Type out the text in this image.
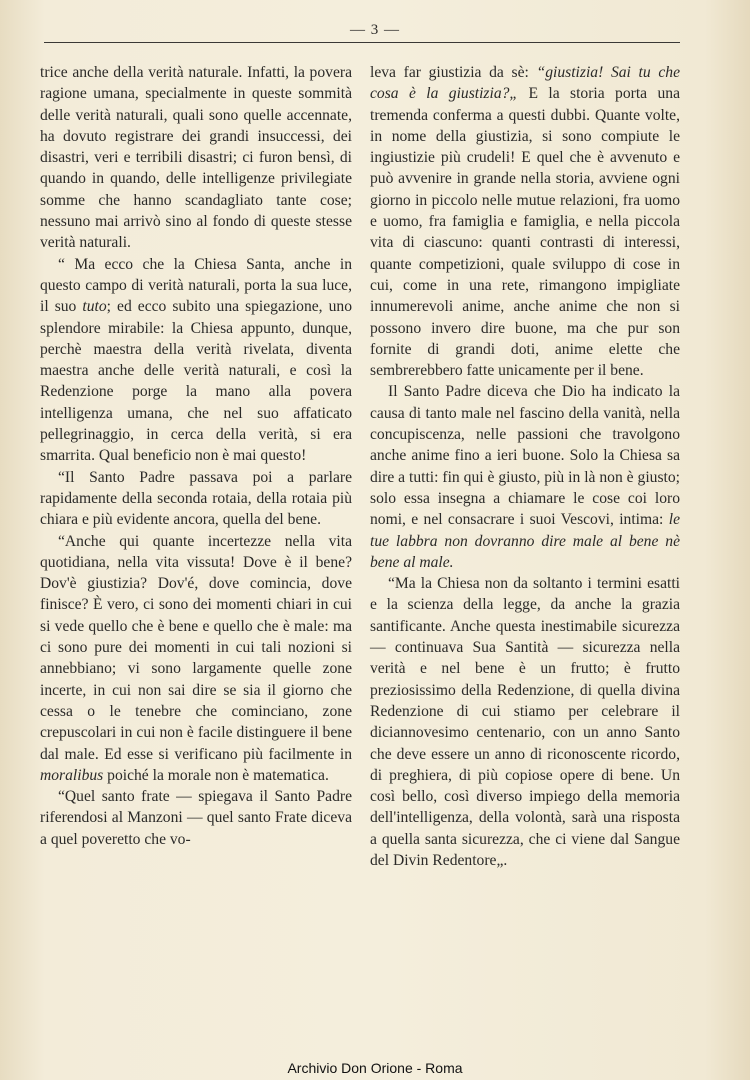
— 3 —

trice anche della verità naturale. Infatti, la povera ragione umana, specialmente in queste sommità delle verità naturali, quali sono quelle accennate, ha dovuto registrare dei grandi insuccessi, dei disastri, veri e terribili disastri; ci furon bensì, di quando in quando, delle intelligenze privilegiate somme che hanno scandagliato tante cose; nessuno mai arrivò sino al fondo di queste stesse verità naturali.

“ Ma ecco che la Chiesa Santa, anche in questo campo di verità naturali, porta la sua luce, il suo tuto; ed ecco subito una spiegazione, uno splendore mirabile: la Chiesa appunto, dunque, perchè maestra della verità rivelata, diventa maestra anche delle verità naturali, e così la Redenzione porge la mano alla povera intelligenza umana, che nel suo affaticato pellegrinaggio, in cerca della verità, si era smarrita. Qual beneficio non è mai questo!

“Il Santo Padre passava poi a parlare rapidamente della seconda rotaia, della rotaia più chiara e più evidente ancora, quella del bene.

“Anche qui quante incertezze nella vita quotidiana, nella vita vissuta! Dove è il bene? Dov'è giustizia? Dov'é, dove comincia, dove finisce? È vero, ci sono dei momenti chiari in cui si vede quello che è bene e quello che è male: ma ci sono pure dei momenti in cui tali nozioni si annebbiano; vi sono largamente quelle zone incerte, in cui non sai dire se sia il giorno che cessa o le tenebre che cominciano, zone crepuscolari in cui non è facile distinguere il bene dal male. Ed esse si verificano più facilmente in moralibus poiché la morale non è matematica.

“Quel santo frate — spiegava il Santo Padre riferendosi al Manzoni — quel santo Frate diceva a quel poveretto che vo-

leva far giustizia da sè: “giustizia! Sai tu che cosa è la giustizia?„ E la storia porta una tremenda conferma a questi dubbi. Quante volte, in nome della giustizia, si sono compiute le ingiustizie più crudeli! E quel che è avvenuto e può avvenire in grande nella storia, avviene ogni giorno in piccolo nelle mutue relazioni, fra uomo e uomo, fra famiglia e famiglia, e nella piccola vita di ciascuno: quanti contrasti di interessi, quante competizioni, quale sviluppo di cose in cui, come in una rete, rimangono impigliate innumerevoli anime, anche anime che non si possono invero dire buone, ma che pur son fornite di grandi doti, anime elette che sembrerebbero fatte unicamente per il bene.

Il Santo Padre diceva che Dio ha indicato la causa di tanto male nel fascino della vanità, nella concupiscenza, nelle passioni che travolgono anche anime fino a ieri buone. Solo la Chiesa sa dire a tutti: fin qui è giusto, più in là non è giusto; solo essa insegna a chiamare le cose coi loro nomi, e nel consacrare i suoi Vescovi, intima: le tue labbra non dovranno dire male al bene nè bene al male.

“Ma la Chiesa non da soltanto i termini esatti e la scienza della legge, da anche la grazia santificante. Anche questa inestimabile sicurezza — continuava Sua Santità — sicurezza nella verità e nel bene è un frutto; è frutto preziosissimo della Redenzione, di quella divina Redenzione di cui stiamo per celebrare il diciannovesimo centenario, con un anno Santo che deve essere un anno di riconoscente ricordo, di preghiera, di più copiose opere di bene. Un così bello, così diverso impiego della memoria dell'intelligenza, della volontà, sarà una risposta a quella santa sicurezza, che ci viene dal Sangue del Divin Redentore„.

Archivio Don Orione - Roma
